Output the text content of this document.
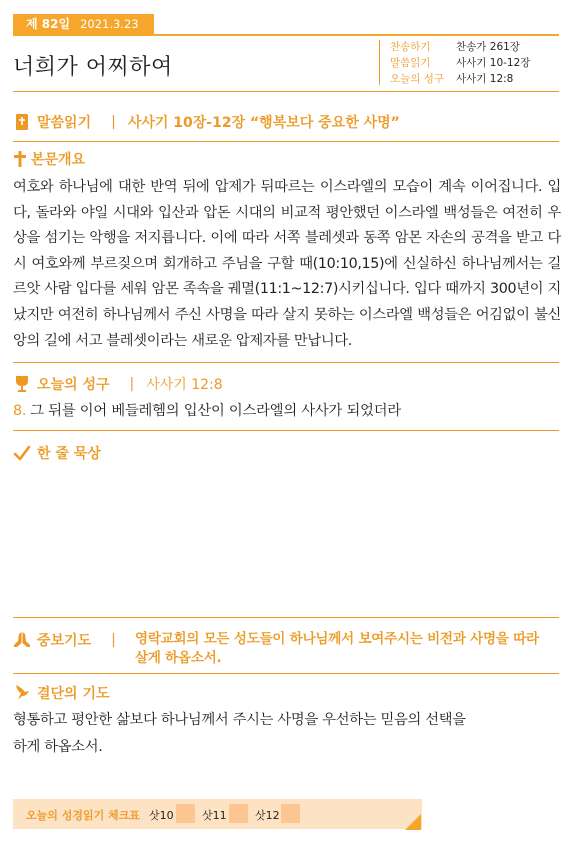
제 82일 2021.3.23
너희가 어찌하여
찬송하기 찬송가 261장
말씀읽기 사사기 10-12장
오늘의 성구 사사기 12:8
말씀읽기 | 사사기 10장-12장 “행복보다 중요한 사명”
본문개요

여호와 하나님에 대한 반역 뒤에 압제가 뒤따르는 이스라엘의 모습이 계속 이어집니다. 입다, 돌라와 야일 시대와 입산과 압돈 시대의 비교적 평안했던 이스라엘 백성들은 여전히 우상을 섬기는 악행을 저지릅니다. 이에 따라 서쪽 블레셋과 동쪽 암몬 자손의 공격을 받고 다시 여호와께 부르짖으며 회개하고 주님을 구할 때(10:10,15)에 신실하신 하나님께서는 길르앗 사람 입다를 세워 암몬 족속을 궤멸(11:1~12:7)시키십니다. 입다 때까지 300년이 지났지만 여전히 하나님께서 주신 사명을 따라 살지 못하는 이스라엘 백성들은 어김없이 불신앙의 길에 서고 블레셋이라는 새로운 압제자를 만납니다.

오늘의 성구 | 사사기 12:8
8. 그 뒤를 이어 베들레헴의 입산이 이스라엘의 사사가 되었더라
한 줄 묵상
중보기도 | 영락교회의 모든 성도들이 하나님께서 보여주시는 비전과 사명을 따라 살게 하옵소서.
결단의 기도
형통하고 평안한 삶보다 하나님께서 주시는 사명을 우선하는 믿음의 선택을
하게 하옵소서.
오늘의 성경읽기 체크표 삿10	삿11	삿12
